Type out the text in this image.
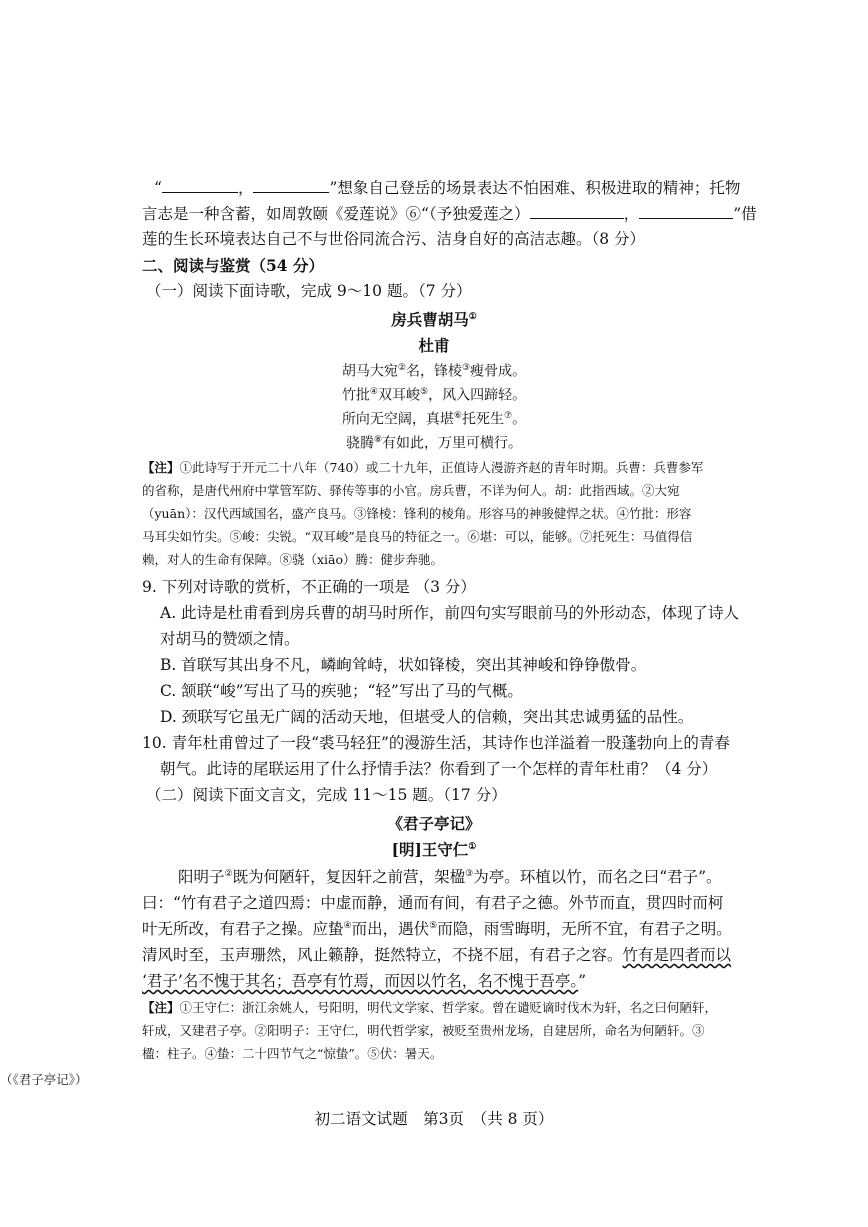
“	，	”想象自己登岳的场景表达不怕困难、积极进取的精神；托物
言志是一种含蓄，如周敦颐《爱莲说》⑥“（予独爱莲之）	，	”借
莲的生长环境表达自己不与世俗同流合污、洁身自好的高洁志趣。（8 分）
二、阅读与鉴赏（54 分）
（一）阅读下面诗歌，完成 9～10 题。（7 分）
房兵曹胡马①
杜甫
胡马大宛②名，锋棱③瘦骨成。
竹批④双耳峻⑤，风入四蹄轻。
所向无空阔，真堪⑥托死生⑦。
骁腾⑧有如此，万里可横行。
【注】①此诗写于开元二十八年（740）或二十九年，正值诗人漫游齐赵的青年时期。兵曹：兵曹参军
的省称，是唐代州府中掌管军防、驿传等事的小官。房兵曹，不详为何人。胡：此指西域。②大宛
（yuān）：汉代西域国名，盛产良马。③锋棱：锋利的棱角。形容马的神骏健悍之状。④竹批：形容
马耳尖如竹尖。⑤峻：尖锐。“双耳峻”是良马的特征之一。⑥堪：可以，能够。⑦托死生：马值得信
赖，对人的生命有保障。⑧骁（xiāo）腾：健步奔驰。
9. 下列对诗歌的赏析，不正确的一项是 （3 分）
A. 此诗是杜甫看到房兵曹的胡马时所作，前四句实写眼前马的外形动态，体现了诗人
对胡马的赞颂之情。
B. 首联写其出身不凡，嶙峋耸峙，状如锋棱，突出其神峻和铮铮傲骨。
C. 颔联“峻”写出了马的疾驰；“轻”写出了马的气概。
D. 颈联写它虽无广阔的活动天地，但堪受人的信赖，突出其忠诚勇猛的品性。
10. 青年杜甫曾过了一段“裘马轻狂”的漫游生活，其诗作也洋溢着一股蓬勃向上的青春
朝气。此诗的尾联运用了什么抒情手法？你看到了一个怎样的青年杜甫？（4 分）
（二）阅读下面文言文，完成 11～15 题。（17 分）
《君子亭记》
[明]王守仁①
阳明子②既为何陋轩，复因轩之前营，架楹③为亭。环植以竹，而名之曰“君子”。
曰：“竹有君子之道四焉：中虚而静，通而有间，有君子之德。外节而直，贯四时而柯
叶无所改，有君子之操。应蛰④而出，遇伏⑤而隐，雨雪晦明，无所不宜，有君子之明。
清风时至，玉声珊然，风止籁静，挺然特立，不挠不屈，有君子之容。竹有是四者而以
‘君子’名不愧于其名；吾亭有竹焉，而因以竹名，名不愧于吾亭。”
【注】①王守仁：浙江余姚人，号阳明，明代文学家、哲学家。曾在谴贬谪时伐木为轩，名之曰何陋轩，
轩成，又建君子亭。②阳明子：王守仁，明代哲学家，被贬至贵州龙场，自建居所，命名为何陋轩。③
楹：柱子。④蛰：二十四节气之“惊蛰”。⑤伏：暑天。
（《君子亭记》）
初二语文试题　第3页　（共 8 页）
